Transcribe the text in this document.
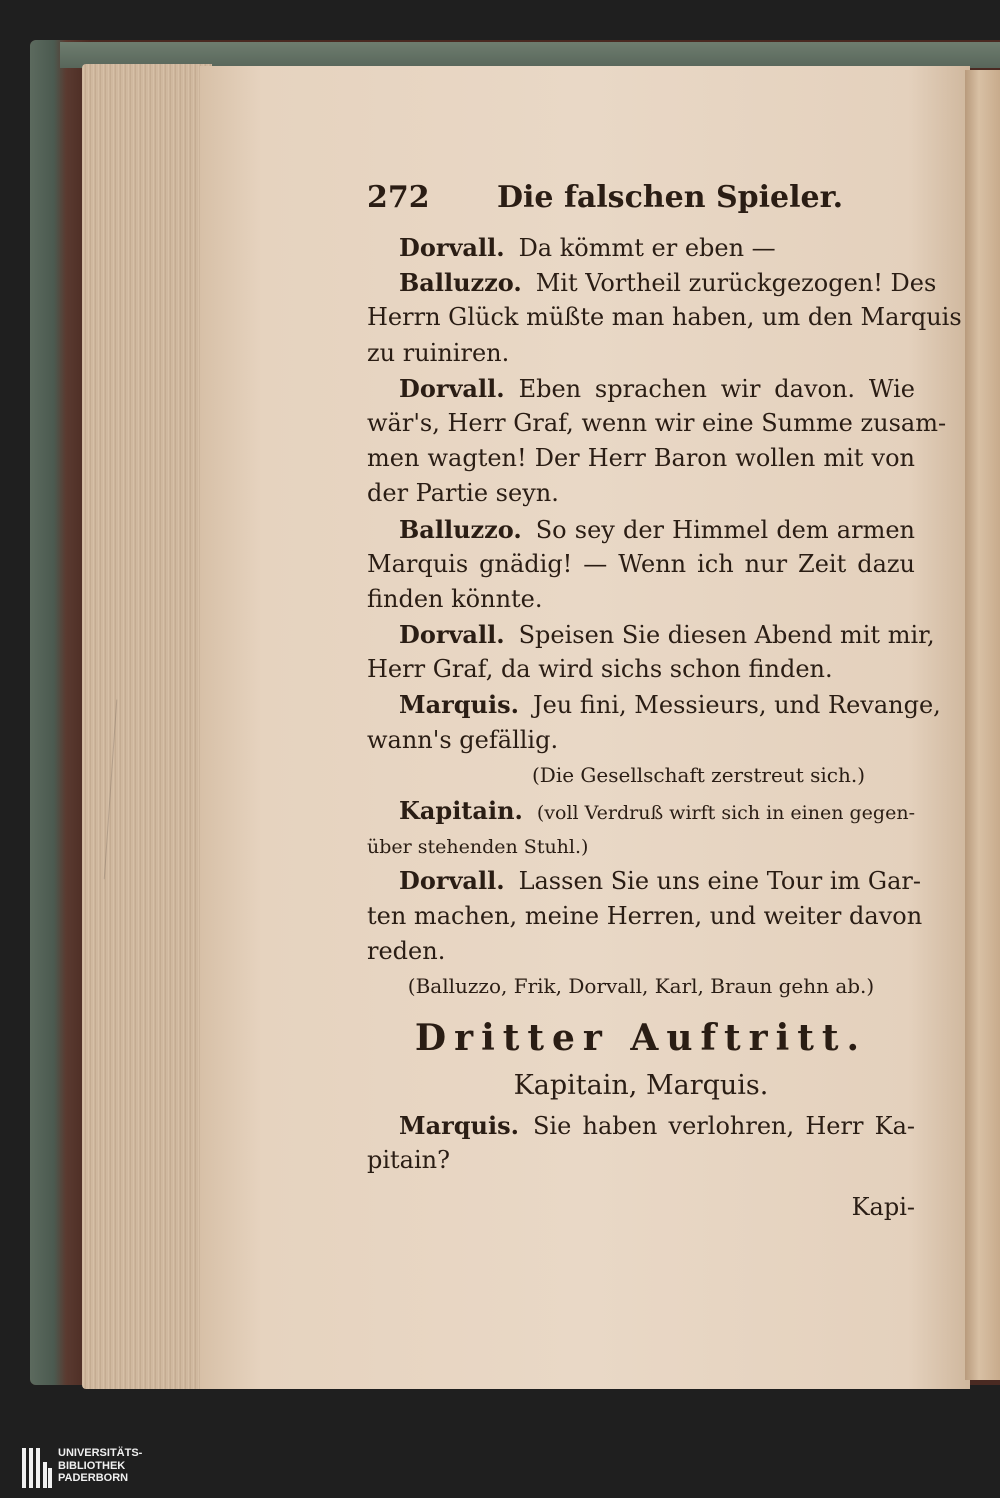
272 Die falschen Spieler.
Dorvall. Da kömmt er eben —
Balluzzo. Mit Vortheil zurückgezogen! Des
Herrn Glück müßte man haben, um den Marquis
zu ruiniren.
Dorvall. Eben sprachen wir davon. Wie
wär's, Herr Graf, wenn wir eine Summe zusam-
men wagten! Der Herr Baron wollen mit von
der Partie seyn.
Balluzzo. So sey der Himmel dem armen
Marquis gnädig! — Wenn ich nur Zeit dazu
finden könnte.
Dorvall. Speisen Sie diesen Abend mit mir,
Herr Graf, da wird sichs schon finden.
Marquis. Jeu fini, Messieurs, und Revange,
wann's gefällig.
(Die Gesellschaft zerstreut sich.)
Kapitain. (voll Verdruß wirft sich in einen gegen-
über stehenden Stuhl.)
Dorvall. Lassen Sie uns eine Tour im Gar-
ten machen, meine Herren, und weiter davon
reden.
(Balluzzo, Frik, Dorvall, Karl, Braun gehn ab.)
Dritter Auftritt.
Kapitain, Marquis.
Marquis. Sie haben verlohren, Herr Ka-
pitain?
Kapi-
UNIVERSITÄTS-
BIBLIOTHEK
PADERBORN
